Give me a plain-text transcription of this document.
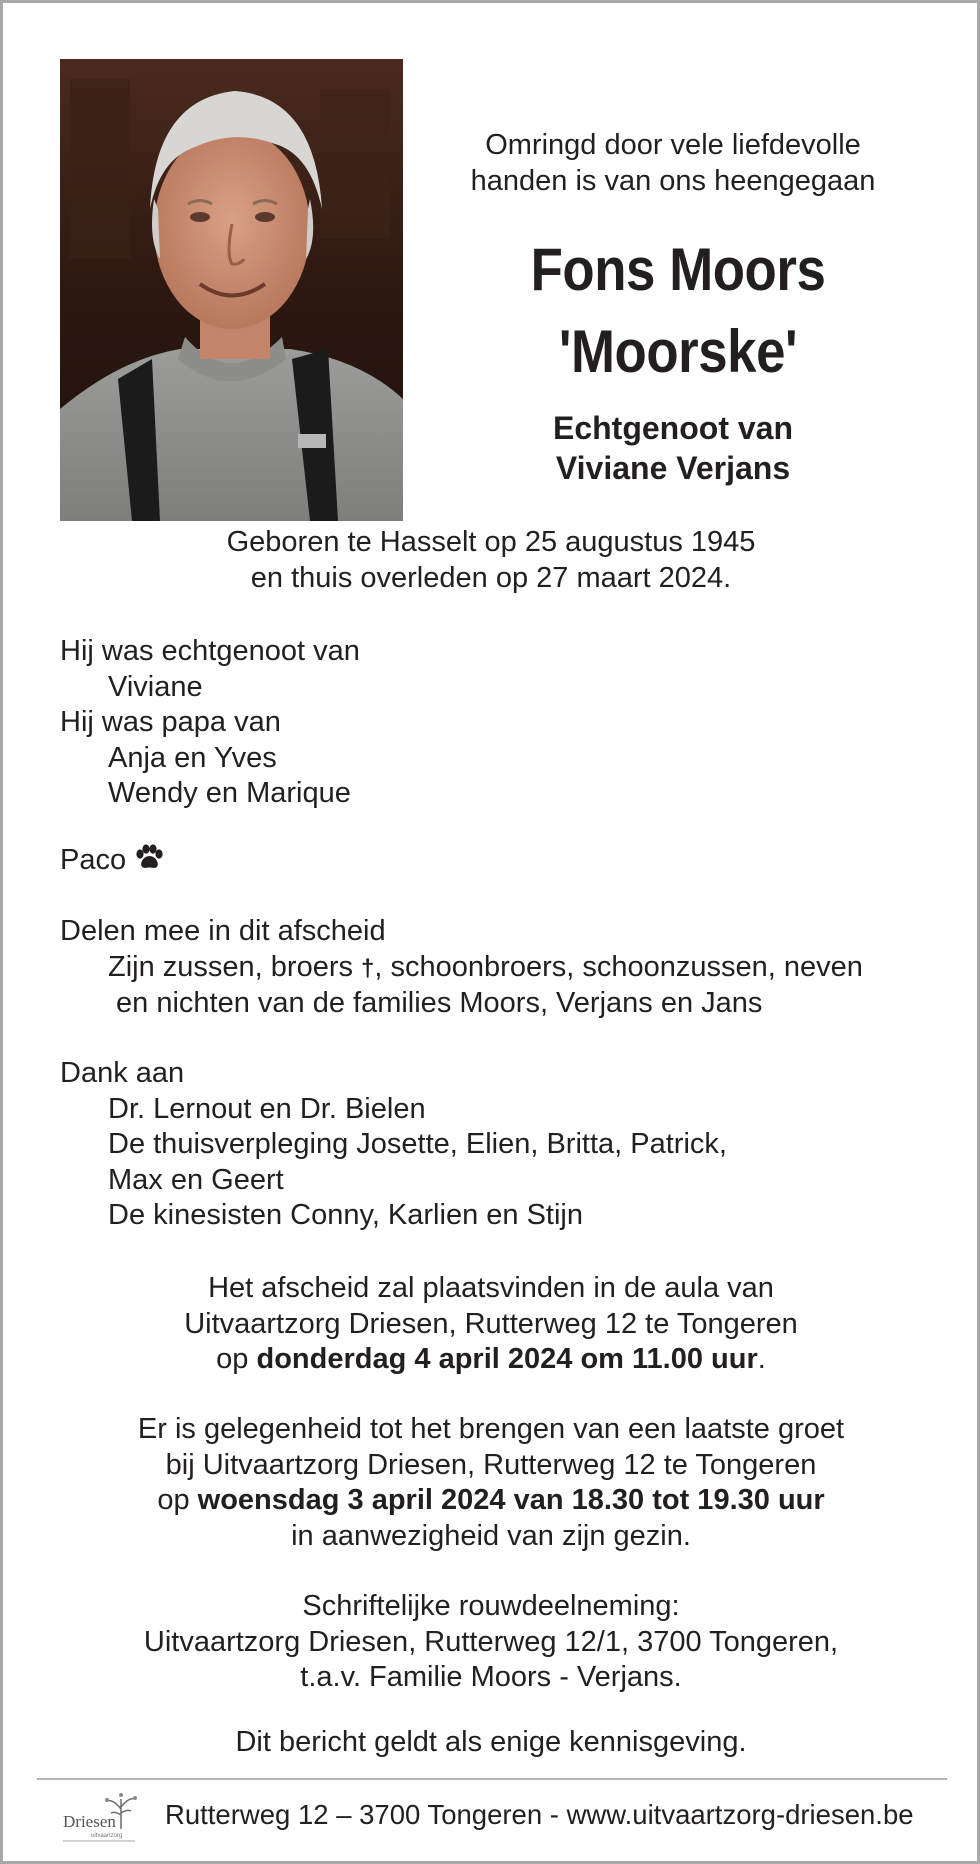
Omringd door vele liefdevolle
handen is van ons heengegaan
Fons Moors
'Moorske'
Echtgenoot van
Viviane Verjans
Geboren te Hasselt op 25 augustus 1945
en thuis overleden op 27 maart 2024.
Hij was echtgenoot van
Viviane
Hij was papa van
Anja en Yves
Wendy en Marique
Paco
Delen mee in dit afscheid
Zijn zussen, broers †, schoonbroers, schoonzussen, neven
en nichten van de families Moors, Verjans en Jans
Dank aan
Dr. Lernout en Dr. Bielen
De thuisverpleging Josette, Elien, Britta, Patrick,
Max en Geert
De kinesisten Conny, Karlien en Stijn
Het afscheid zal plaatsvinden in de aula van
Uitvaartzorg Driesen, Rutterweg 12 te Tongeren
op donderdag 4 april 2024 om 11.00 uur.
Er is gelegenheid tot het brengen van een laatste groet
bij Uitvaartzorg Driesen, Rutterweg 12 te Tongeren
op woensdag 3 april 2024 van 18.30 tot 19.30 uur
in aanwezigheid van zijn gezin.
Schriftelijke rouwdeelneming:
Uitvaartzorg Driesen, Rutterweg 12/1, 3700 Tongeren,
t.a.v. Familie Moors - Verjans.
Dit bericht geldt als enige kennisgeving.
Driesen
uitvaartzorg
Rutterweg 12 – 3700 Tongeren - www.uitvaartzorg-driesen.be
